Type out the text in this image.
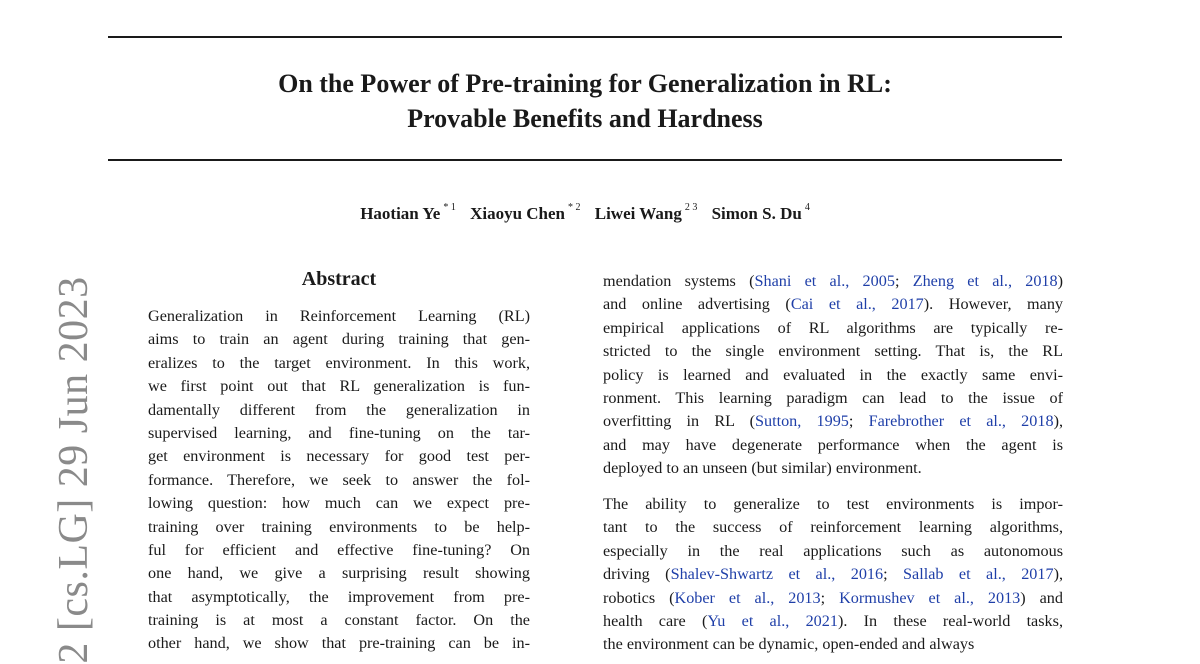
On the Power of Pre-training for Generalization in RL:
Provable Benefits and Hardness
Haotian Ye $^{* 1}$ Xiaoyu Chen $^{* 2}$ Liwei Wang $^{2 3}$ Simon S. Du $^4$
2 [cs.LG] 29 Jun 2023	Abstract
Generalization in Reinforcement Learning (RL)
aims to train an agent during training that gen-
eralizes to the target environment. In this work,
we first point out that RL generalization is fun-
damentally different from the generalization in
supervised learning, and fine-tuning on the tar-
get environment is necessary for good test per-
formance. Therefore, we seek to answer the fol-
lowing question: how much can we expect pre-
training over training environments to be help-
ful for efficient and effective fine-tuning? On
one hand, we give a surprising result showing
that asymptotically, the improvement from pre-
training is at most a constant factor. On the
other hand, we show that pre-training can be in-
mendation systems (Shani et al., 2005; Zheng et al., 2018)
and online advertising (Cai et al., 2017). However, many
empirical applications of RL algorithms are typically re-
stricted to the single environment setting. That is, the RL
policy is learned and evaluated in the exactly same envi-
ronment. This learning paradigm can lead to the issue of
overfitting in RL (Sutton, 1995; Farebrother et al., 2018),
and may have degenerate performance when the agent is
deployed to an unseen (but similar) environment.
The ability to generalize to test environments is impor-
tant to the success of reinforcement learning algorithms,
especially in the real applications such as autonomous
driving (Shalev-Shwartz et al., 2016; Sallab et al., 2017),
robotics (Kober et al., 2013; Kormushev et al., 2013) and
health care (Yu et al., 2021). In these real-world tasks,
the environment can be dynamic, open-ended and always
